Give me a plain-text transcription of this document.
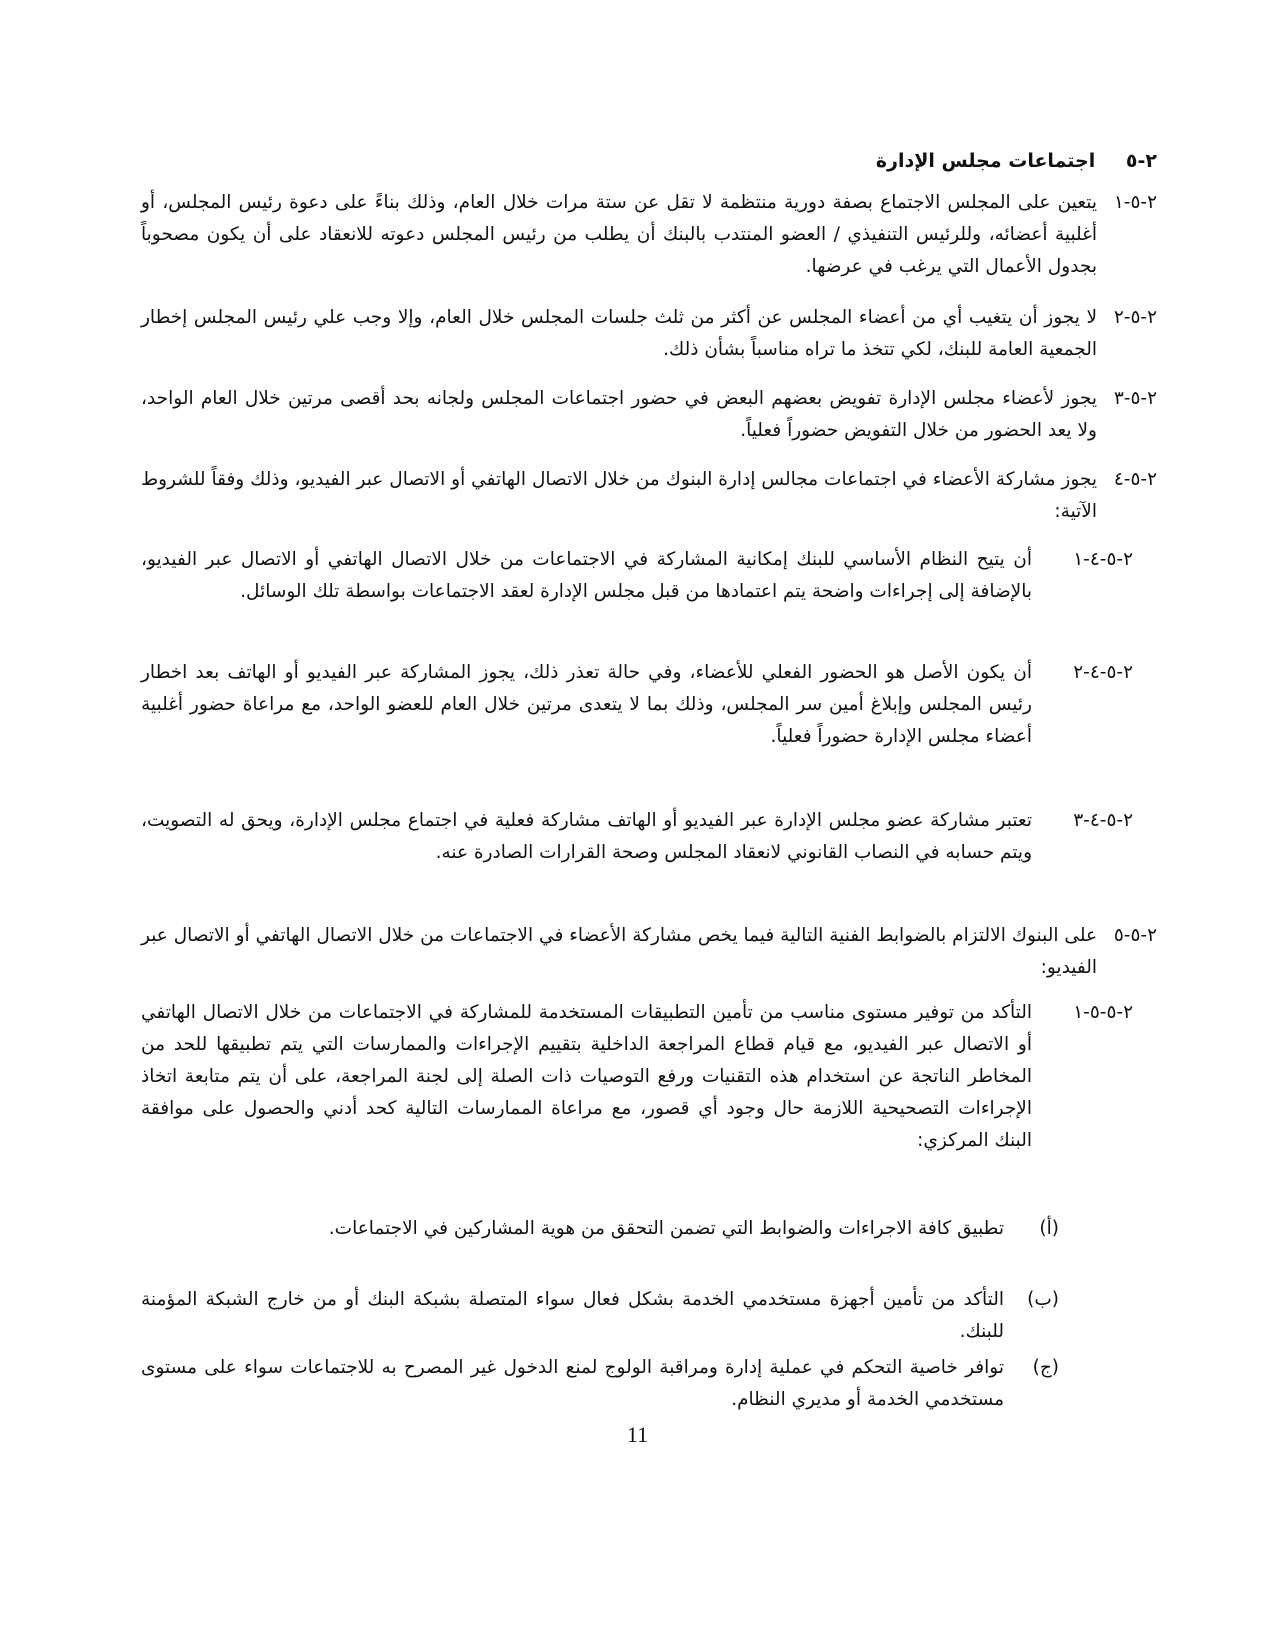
٢-٥ اجتماعات مجلس الإدارة
٢-٥-١
يتعين على المجلس الاجتماع بصفة دورية منتظمة لا تقل عن ستة مرات خلال العام، وذلك بناءً على دعوة رئيس المجلس، أو أغلبية أعضائه، وللرئيس التنفيذي / العضو المنتدب بالبنك أن يطلب من رئيس المجلس دعوته للانعقاد على أن يكون مصحوباً بجدول الأعمال التي يرغب في عرضها.
٢-٥-٢
لا يجوز أن يتغيب أي من أعضاء المجلس عن أكثر من ثلث جلسات المجلس خلال العام، وإلا وجب علي رئيس المجلس إخطار الجمعية العامة للبنك، لكي تتخذ ما تراه مناسباً بشأن ذلك.
٢-٥-٣
يجوز لأعضاء مجلس الإدارة تفويض بعضهم البعض في حضور اجتماعات المجلس ولجانه بحد أقصى مرتين خلال العام الواحد، ولا يعد الحضور من خلال التفويض حضوراً فعلياً.
٢-٥-٤
يجوز مشاركة الأعضاء في اجتماعات مجالس إدارة البنوك من خلال الاتصال الهاتفي أو الاتصال عبر الفيديو، وذلك وفقاً للشروط الآتية:
٢-٥-٤-١
أن يتيح النظام الأساسي للبنك إمكانية المشاركة في الاجتماعات من خلال الاتصال الهاتفي أو الاتصال عبر الفيديو، بالإضافة إلى إجراءات واضحة يتم اعتمادها من قبل مجلس الإدارة لعقد الاجتماعات بواسطة تلك الوسائل.
٢-٥-٤-٢
أن يكون الأصل هو الحضور الفعلي للأعضاء، وفي حالة تعذر ذلك، يجوز المشاركة عبر الفيديو أو الهاتف بعد اخطار رئيس المجلس وإبلاغ أمين سر المجلس، وذلك بما لا يتعدى مرتين خلال العام للعضو الواحد، مع مراعاة حضور أغلبية أعضاء مجلس الإدارة حضوراً فعلياً.
٢-٥-٤-٣
تعتبر مشاركة عضو مجلس الإدارة عبر الفيديو أو الهاتف مشاركة فعلية في اجتماع مجلس الإدارة، ويحق له التصويت، ويتم حسابه في النصاب القانوني لانعقاد المجلس وصحة القرارات الصادرة عنه.
٢-٥-٥
على البنوك الالتزام بالضوابط الفنية التالية فيما يخص مشاركة الأعضاء في الاجتماعات من خلال الاتصال الهاتفي أو الاتصال عبر الفيديو:
٢-٥-٥-١
التأكد من توفير مستوى مناسب من تأمين التطبيقات المستخدمة للمشاركة في الاجتماعات من خلال الاتصال الهاتفي أو الاتصال عبر الفيديو، مع قيام قطاع المراجعة الداخلية بتقييم الإجراءات والممارسات التي يتم تطبيقها للحد من المخاطر الناتجة عن استخدام هذه التقنيات ورفع التوصيات ذات الصلة إلى لجنة المراجعة، على أن يتم متابعة اتخاذ الإجراءات التصحيحية اللازمة حال وجود أي قصور، مع مراعاة الممارسات التالية كحد أدني والحصول على موافقة البنك المركزي:
(أ)
تطبيق كافة الاجراءات والضوابط التي تضمن التحقق من هوية المشاركين في الاجتماعات.
(ب)
التأكد من تأمين أجهزة مستخدمي الخدمة بشكل فعال سواء المتصلة بشبكة البنك أو من خارج الشبكة المؤمنة للبنك.
(ج)
توافر خاصية التحكم في عملية إدارة ومراقبة الولوج لمنع الدخول غير المصرح به للاجتماعات سواء على مستوى مستخدمي الخدمة أو مديري النظام.
11
